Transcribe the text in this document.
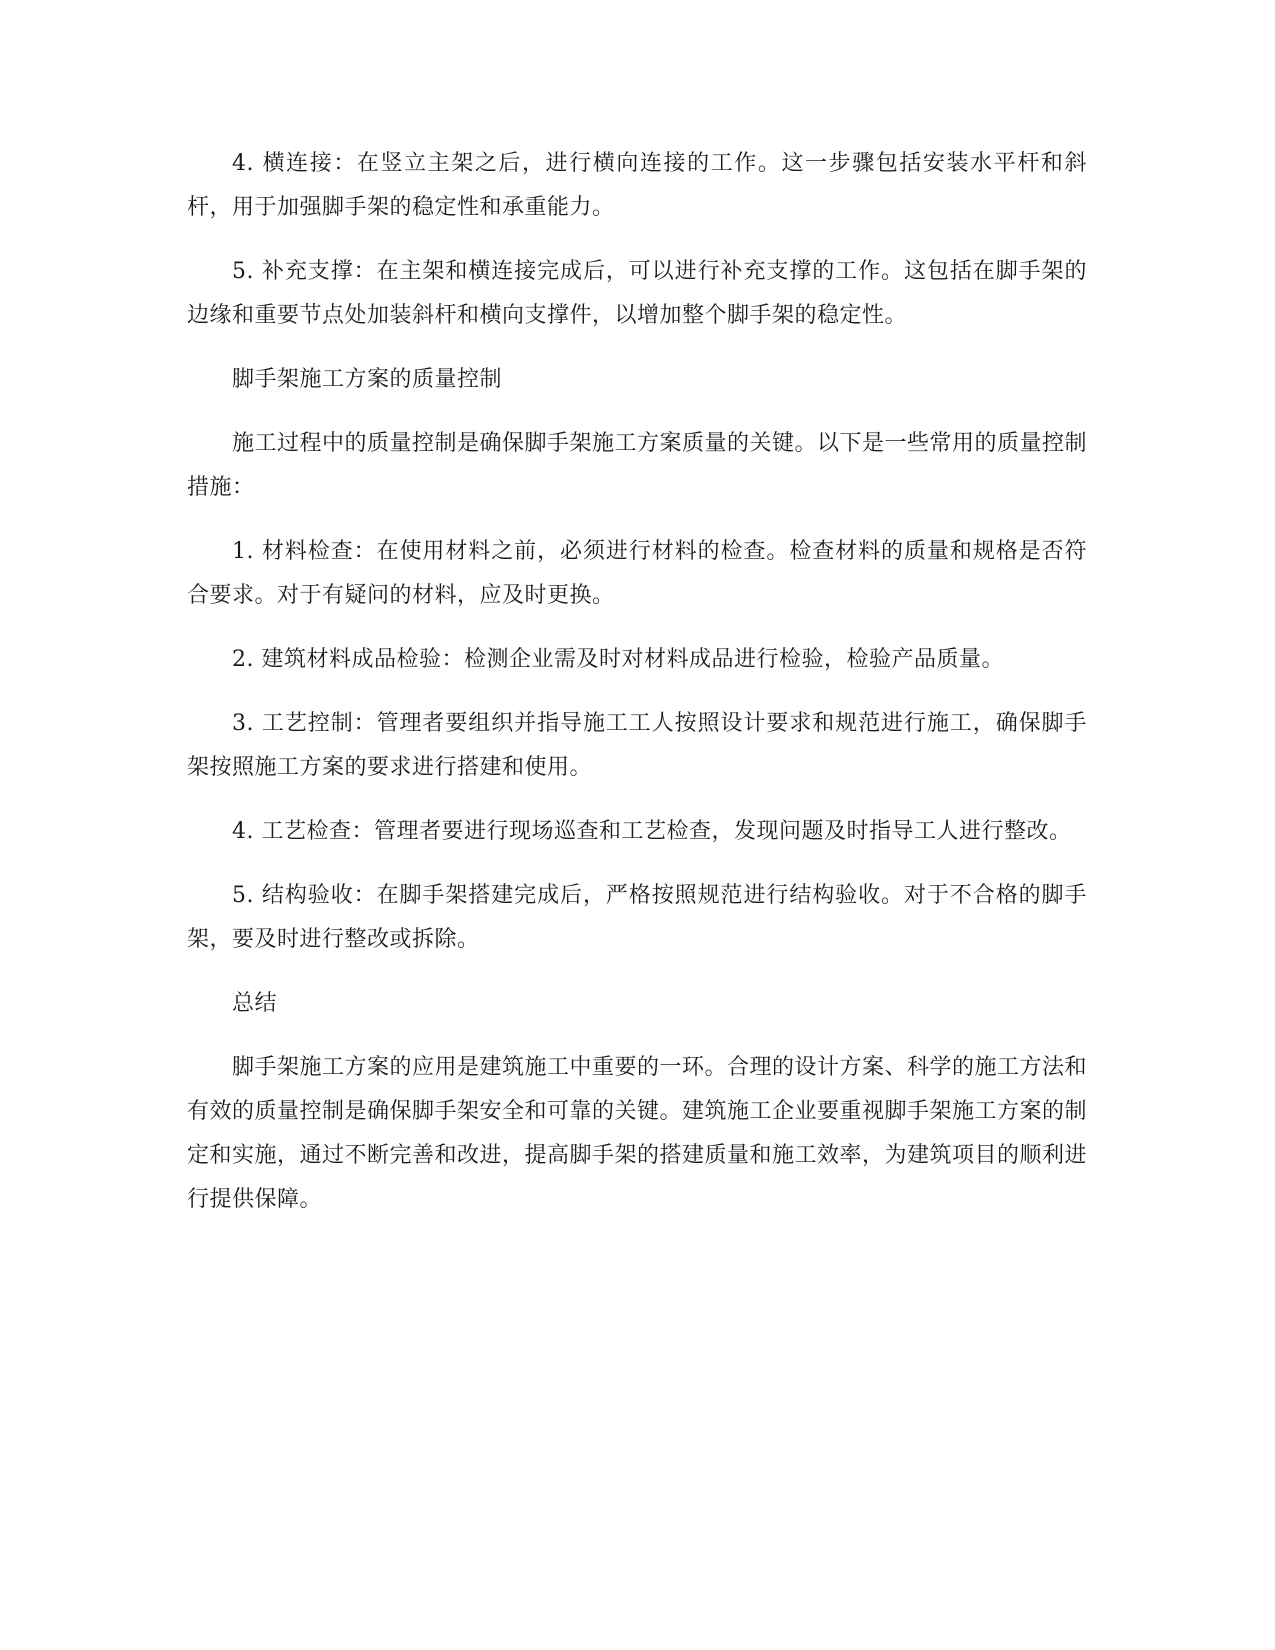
4. 横连接：在竖立主架之后，进行横向连接的工作。这一步骤包括安装水平杆和斜杆，用于加强脚手架的稳定性和承重能力。

5. 补充支撑：在主架和横连接完成后，可以进行补充支撑的工作。这包括在脚手架的边缘和重要节点处加装斜杆和横向支撑件，以增加整个脚手架的稳定性。

脚手架施工方案的质量控制

施工过程中的质量控制是确保脚手架施工方案质量的关键。以下是一些常用的质量控制措施：

1. 材料检查：在使用材料之前，必须进行材料的检查。检查材料的质量和规格是否符合要求。对于有疑问的材料，应及时更换。

2. 建筑材料成品检验：检测企业需及时对材料成品进行检验，检验产品质量。

3. 工艺控制：管理者要组织并指导施工工人按照设计要求和规范进行施工，确保脚手架按照施工方案的要求进行搭建和使用。

4. 工艺检查：管理者要进行现场巡查和工艺检查，发现问题及时指导工人进行整改。

5. 结构验收：在脚手架搭建完成后，严格按照规范进行结构验收。对于不合格的脚手架，要及时进行整改或拆除。

总结

脚手架施工方案的应用是建筑施工中重要的一环。合理的设计方案、科学的施工方法和有效的质量控制是确保脚手架安全和可靠的关键。建筑施工企业要重视脚手架施工方案的制定和实施，通过不断完善和改进，提高脚手架的搭建质量和施工效率，为建筑项目的顺利进行提供保障。
